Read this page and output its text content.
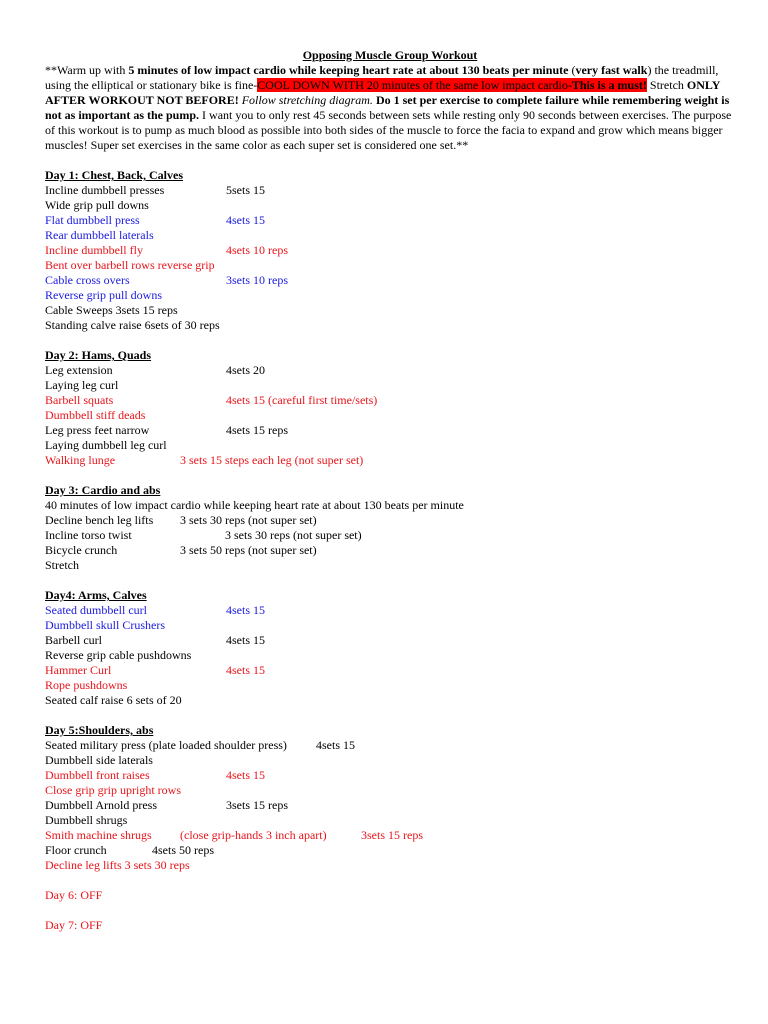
Opposing Muscle Group Workout
**Warm up with 5 minutes of low impact cardio while keeping heart rate at about 130 beats per minute (very fast walk) the treadmill, using the elliptical or stationary bike is fine-COOL DOWN WITH 20 minutes of the same low impact cardio-This is a must! Stretch ONLY AFTER WORKOUT NOT BEFORE! Follow stretching diagram. Do 1 set per exercise to complete failure while remembering weight is not as important as the pump. I want you to only rest 45 seconds between sets while resting only 90 seconds between exercises. The purpose of this workout is to pump as much blood as possible into both sides of the muscle to force the facia to expand and grow which means bigger muscles! Super set exercises in the same color as each super set is considered one set.**
Day 1: Chest, Back, Calves
Incline dumbbell presses	5sets 15
Wide grip pull downs
Flat dumbbell press	4sets 15
Rear dumbbell laterals
Incline dumbbell fly	4sets 10 reps
Bent over barbell rows reverse grip
Cable cross overs	3sets 10 reps
Reverse grip pull downs
Cable Sweeps 3sets 15 reps
Standing calve raise 6sets of 30 reps
Day 2: Hams, Quads
Leg extension	4sets 20
Laying leg curl
Barbell squats	4sets 15 (careful first time/sets)
Dumbbell stiff deads
Leg press feet narrow	4sets 15 reps
Laying dumbbell leg curl
Walking lunge	3 sets 15 steps each leg (not super set)
Day 3: Cardio and abs
40 minutes of low impact cardio while keeping heart rate at about 130 beats per minute
Decline bench leg lifts 3 sets 30 reps (not super set)
Incline torso twist	3 sets 30 reps (not super set)
Bicycle crunch	3 sets 50 reps (not super set)
Stretch
Day4: Arms, Calves
Seated dumbbell curl	4sets 15
Dumbbell skull Crushers
Barbell curl	4sets 15
Reverse grip cable pushdowns
Hammer Curl	4sets 15
Rope pushdowns
Seated calf raise 6 sets of 20
Day 5:Shoulders, abs
Seated military press (plate loaded shoulder press) 4sets 15
Dumbbell side laterals
Dumbbell front raises	4sets 15
Close grip grip upright rows
Dumbbell Arnold press	3sets 15 reps
Dumbbell shrugs
Smith machine shrugs (close grip-hands 3 inch apart)	3sets 15 reps
Floor crunch	4sets 50 reps
Decline leg lifts 3 sets 30 reps
Day 6: OFF
Day 7: OFF
